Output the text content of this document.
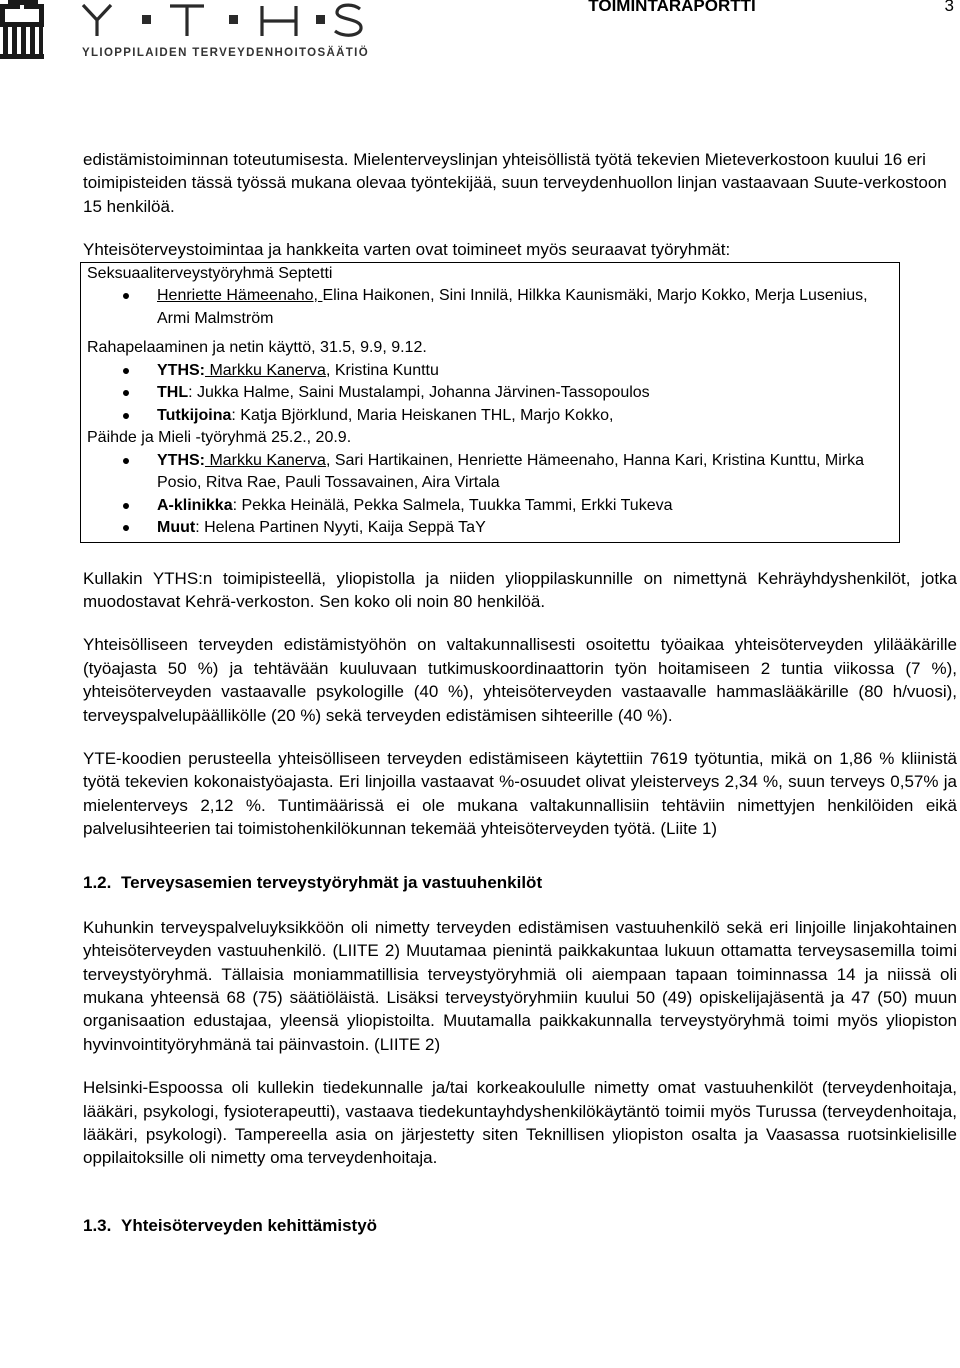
YLIOPPILAIDEN TERVEYDENHOITOSÄÄTIÖ
TOIMINTARAPORTTI	3

edistämistoiminnan toteutumisesta. Mielenterveyslinjan yhteisöllistä työtä tekevien Mieteverkostoon kuului 16 eri toimipisteiden tässä työssä mukana olevaa työntekijää, suun terveydenhuollon linjan vastaavaan Suute-verkostoon 15 henkilöä.

Yhteisöterveystoimintaa ja hankkeita varten ovat toimineet myös seuraavat työryhmät:

Seksuaaliterveystyöryhmä Septetti

Henriette Hämeenaho, Elina Haikonen, Sini Innilä, Hilkka Kaunismäki, Marjo Kokko, Merja Lusenius, Armi Malmström

Rahapelaaminen ja netin käyttö, 31.5, 9.9, 9.12.

YTHS: Markku Kanerva, Kristina Kunttu
THL: Jukka Halme, Saini Mustalampi, Johanna Järvinen-Tassopoulos
Tutkijoina: Katja Björklund, Maria Heiskanen THL, Marjo Kokko,

Päihde ja Mieli -työryhmä 25.2., 20.9.

YTHS: Markku Kanerva, Sari Hartikainen, Henriette Hämeenaho, Hanna Kari, Kristina Kunttu, Mirka Posio, Ritva Rae, Pauli Tossavainen, Aira Virtala
A-klinikka: Pekka Heinälä, Pekka Salmela, Tuukka Tammi, Erkki Tukeva
Muut: Helena Partinen Nyyti, Kaija Seppä TaY

Kullakin YTHS:n toimipisteellä, yliopistolla ja niiden ylioppilaskunnille on nimettynä Kehräyhdyshenkilöt, jotka muodostavat Kehrä-verkoston. Sen koko oli noin 80 henkilöä.

Yhteisölliseen terveyden edistämistyöhön on valtakunnallisesti osoitettu työaikaa yhteisöterveyden ylilääkärille (työajasta 50 %) ja tehtävään kuuluvaan tutkimuskoordinaattorin työn hoitamiseen 2 tuntia viikossa (7 %), yhteisöterveyden vastaavalle psykologille (40 %), yhteisöterveyden vastaavalle hammaslääkärille (80 h/vuosi), terveyspalvelupäällikölle (20 %) sekä terveyden edistämisen sihteerille (40 %).

YTE-koodien perusteella yhteisölliseen terveyden edistämiseen käytettiin 7619 työtuntia, mikä on 1,86 % kliinistä työtä tekevien kokonaistyöajasta. Eri linjoilla vastaavat %-osuudet olivat yleisterveys 2,34 %, suun terveys 0,57% ja mielenterveys 2,12 %. Tuntimäärissä ei ole mukana valtakunnallisiin tehtäviin nimettyjen henkilöiden eikä palvelusihteerien tai toimistohenkilökunnan tekemää yhteisöterveyden työtä. (Liite 1)

1.2. Terveysasemien terveystyöryhmät ja vastuuhenkilöt

Kuhunkin terveyspalveluyksikköön oli nimetty terveyden edistämisen vastuuhenkilö sekä eri linjoille linjakohtainen yhteisöterveyden vastuuhenkilö. (LIITE 2) Muutamaa pienintä paikkakuntaa lukuun ottamatta terveysasemilla toimi terveystyöryhmä. Tällaisia moniammatillisia terveystyöryhmiä oli aiempaan tapaan toiminnassa 14 ja niissä oli mukana yhteensä 68 (75) säätiöläistä. Lisäksi terveystyöryhmiin kuului 50 (49) opiskelijajäsentä ja 47 (50) muun organisaation edustajaa, yleensä yliopistoilta. Muutamalla paikkakunnalla terveystyöryhmä toimi myös yliopiston hyvinvointityöryhmänä tai päinvastoin. (LIITE 2)

Helsinki-Espoossa oli kullekin tiedekunnalle ja/tai korkeakoululle nimetty omat vastuuhenkilöt (terveydenhoitaja, lääkäri, psykologi, fysioterapeutti), vastaava tiedekuntayhdyshenkilökäytäntö toimii myös Turussa (terveydenhoitaja, lääkäri, psykologi). Tampereella asia on järjestetty siten Teknillisen yliopiston osalta ja Vaasassa ruotsinkielisille oppilaitoksille oli nimetty oma terveydenhoitaja.

1.3. Yhteisöterveyden kehittämistyö
